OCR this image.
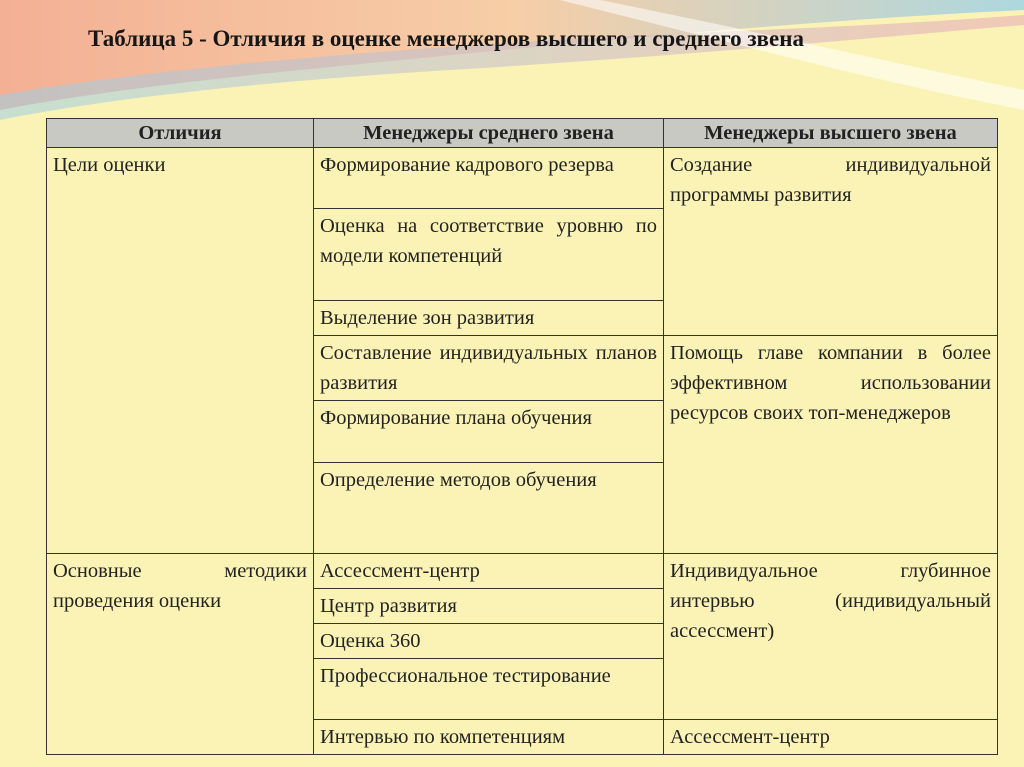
Таблица 5 - Отличия в оценке менеджеров высшего и среднего звена
Отличия	Менеджеры среднего звена	Менеджеры высшего звена
Цели оценки	Формирование кадрового резерва	Создание индивидуальной программы развития

	Оценка на соответствие уровню по модели компетенций	

	Выделение зон развития	

	Составление индивидуальных планов развития	Помощь главе компании в более эффективном использовании ресурсов своих топ-менеджеров

	Формирование плана обучения	

	Определение методов обучения	

Основные методики проведения оценки	Ассессмент-центр	Индивидуальное глубинное интервью (индивидуальный ассессмент)

	Центр развития	

	Оценка 360	

	Профессиональное тестирование	

	Интервью по компетенциям	Ассессмент-центр
